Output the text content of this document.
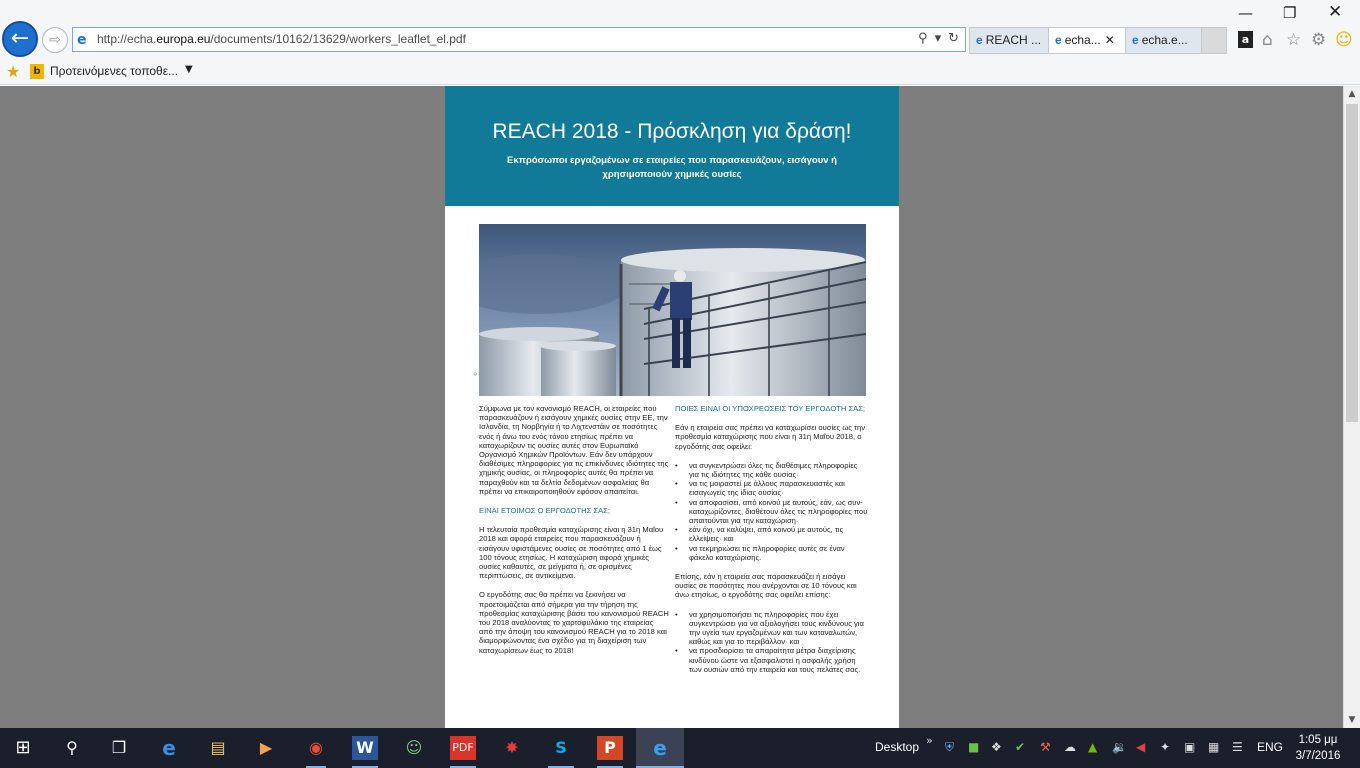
←	⇨	e http://echa.europa.eu/documents/10162/13629/workers_leaflet_el.pdf	⚲ ▾ ↻	e REACH ...	e echa... ✕	e echa.e...
— ❐ ✕
a ⌂ ☆ ⚙ ☺
★	b Προτεινόμενες τοποθε... ▼
REACH 2018 - Πρόσκληση για δράση!
Εκπρόσωποι εργαζομένων σε εταιρείες που παρασκευάζουν, εισάγουν ή χρησιμοποιούν χημικές ουσίες
©

Σύμφωνα με τον κανονισμό REACH, οι εταιρείες που παρασκευάζουν ή εισάγουν χημικές ουσίες στην ΕΕ, την Ισλανδία, τη Νορβηγία ή το Λιχτενστάιν σε ποσότητες ενός ή άνω του ενός τόνου ετησίως πρέπει να καταχωρίζουν τις ουσίες αυτές στον Ευρωπαϊκό Οργανισμό Χημικών Προϊόντων. Εάν δεν υπάρχουν διαθέσιμες πληροφορίες για τις επικίνδυνες ιδιότητες της χημικής ουσίας, οι πληροφορίες αυτές θα πρέπει να παραχθούν και τα δελτία δεδομένων ασφαλείας θα πρέπει να επικαιροποιηθούν εφόσον απαιτείται.

ΕΙΝΑΙ ΕΤΟΙΜΟΣ Ο ΕΡΓΟΔΟΤΗΣ ΣΑΣ;

Η τελευταία προθεσμία καταχώρισης είναι η 31η Μαΐου 2018 και αφορά εταιρείες που παρασκευάζουν ή εισάγουν υφιστάμενες ουσίες σε ποσότητες από 1 έως 100 τόνους ετησίως. Η καταχώριση αφορά χημικές ουσίες καθαυτές, σε μείγματα ή, σε ορισμένες περιπτώσεις, σε αντικείμενα.

Ο εργοδότης σας θα πρέπει να ξεκινήσει να προετοιμάζεται από σήμερα για την τήρηση της προθεσμίας καταχώρισης βάσει του κανονισμού REACH του 2018 αναλύοντας το χαρτοφυλάκιο της εταιρείας από την άποψη του κανονισμού REACH για το 2018 και διαμορφώνοντας ένα σχέδιο για τη διαχείριση των καταχωρίσεων έως το 2018!

ΠΟΙΕΣ ΕΙΝΑΙ ΟΙ ΥΠΟΧΡΕΩΣΕΙΣ ΤΟΥ ΕΡΓΟΔΟΤΗ ΣΑΣ;

Εάν η εταιρεία σας πρέπει να καταχωρίσει ουσίες ως την προθεσμία καταχώρισης που είναι η 31η Μαΐου 2018, ο εργοδότης σας οφείλει:

• να συγκεντρώσει όλες τις διαθέσιμες πληροφορίες για τις ιδιότητες της κάθε ουσίας·
• να τις μοιραστεί με άλλους παρασκευαστές και εισαγωγείς της ίδιας ουσίας·
• να αποφασίσει, από κοινού με αυτούς, εάν, ως συν-καταχωρίζοντες, διαθέτουν όλες τις πληροφορίες που απαιτούνται για την καταχώριση·
• εάν όχι, να καλύψει, από κοινού με αυτούς, τις ελλείψεις· και
• να τεκμηριώσει τις πληροφορίες αυτές σε έναν φάκελο καταχώρισης.

Επίσης, εάν η εταιρεία σας παρασκευάζει ή εισάγει ουσίες σε ποσότητες που ανέρχονται σε 10 τόνους και άνω ετησίως, ο εργοδότης σας οφείλει επίσης:

• να χρησιμοποιήσει τις πληροφορίες που έχει συγκεντρώσει για να αξιολογήσει τους κινδύνους για την υγεία των εργαζομένων και των καταναλωτών, καθώς και για το περιβάλλον· και
• να προσδιορίσει τα απαραίτητα μέτρα διαχείρισης κινδύνου ώστε να εξασφαλιστεί η ασφαλής χρήση των ουσιών από την εταιρεία και τους πελάτες σας.
▲
▼
⊞	⚲	❐	e	▤	▶	◉	W ☺	PDF	✸	S	P	e	Desktop » ⛨ ■ ❖ ✔ ⚒ ☁ ▲ 🔉 ◀ ✦ ▣ ▦ ☰ ENG	1:05 μμ
3/7/2016
